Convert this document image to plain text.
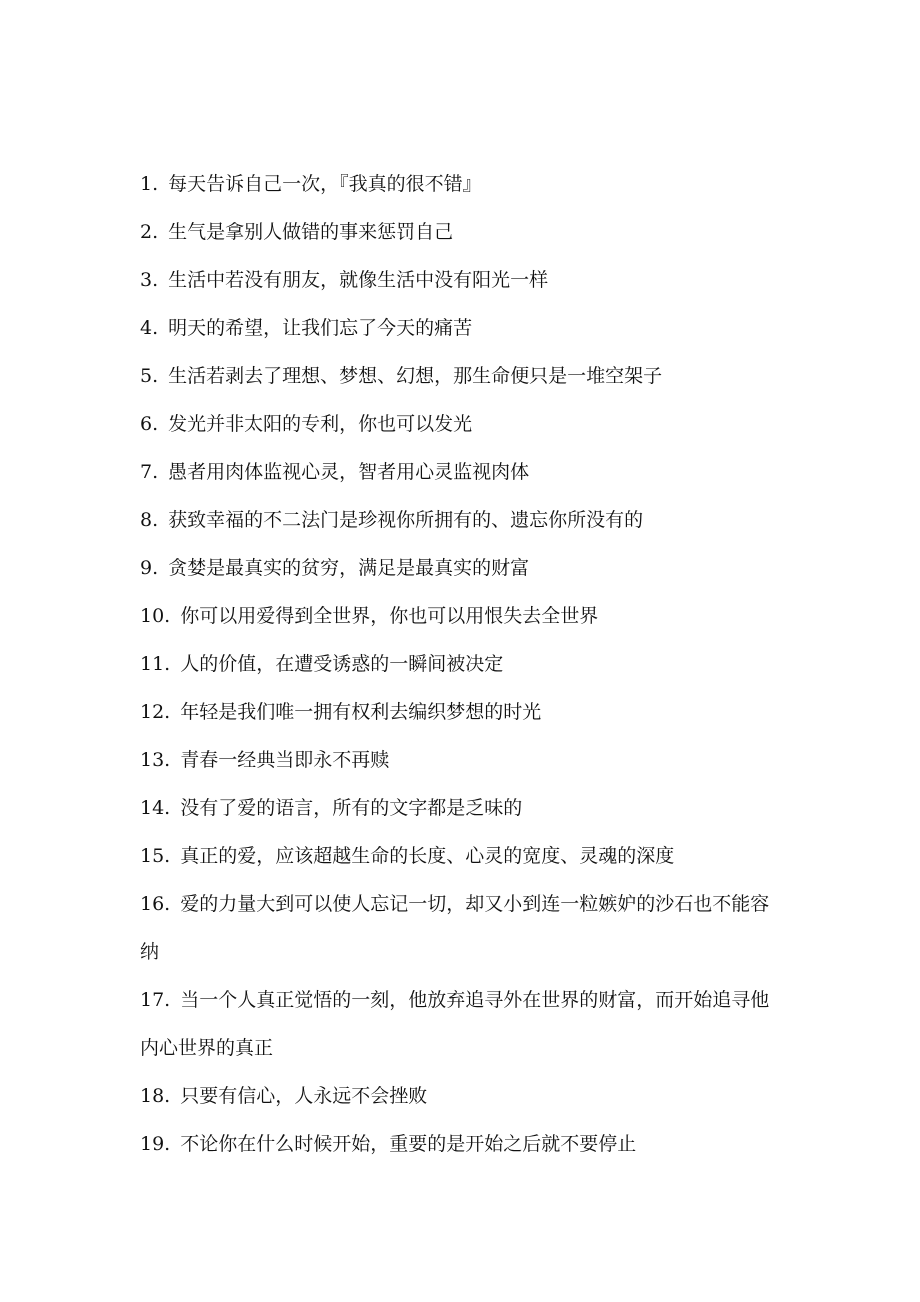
1. 每天告诉自己一次，『我真的很不错』
2. 生气是拿别人做错的事来惩罚自己
3. 生活中若没有朋友，就像生活中没有阳光一样
4. 明天的希望，让我们忘了今天的痛苦
5. 生活若剥去了理想、梦想、幻想，那生命便只是一堆空架子
6. 发光并非太阳的专利，你也可以发光
7. 愚者用肉体监视心灵，智者用心灵监视肉体
8. 获致幸福的不二法门是珍视你所拥有的、遗忘你所没有的
9. 贪婪是最真实的贫穷，满足是最真实的财富
10. 你可以用爱得到全世界，你也可以用恨失去全世界
11. 人的价值，在遭受诱惑的一瞬间被决定
12. 年轻是我们唯一拥有权利去编织梦想的时光
13. 青春一经典当即永不再赎
14. 没有了爱的语言，所有的文字都是乏味的
15. 真正的爱，应该超越生命的长度、心灵的宽度、灵魂的深度
16. 爱的力量大到可以使人忘记一切，却又小到连一粒嫉妒的沙石也不能容纳
17. 当一个人真正觉悟的一刻，他放弃追寻外在世界的财富，而开始追寻他内心世界的真正
18. 只要有信心，人永远不会挫败
19. 不论你在什么时候开始，重要的是开始之后就不要停止
